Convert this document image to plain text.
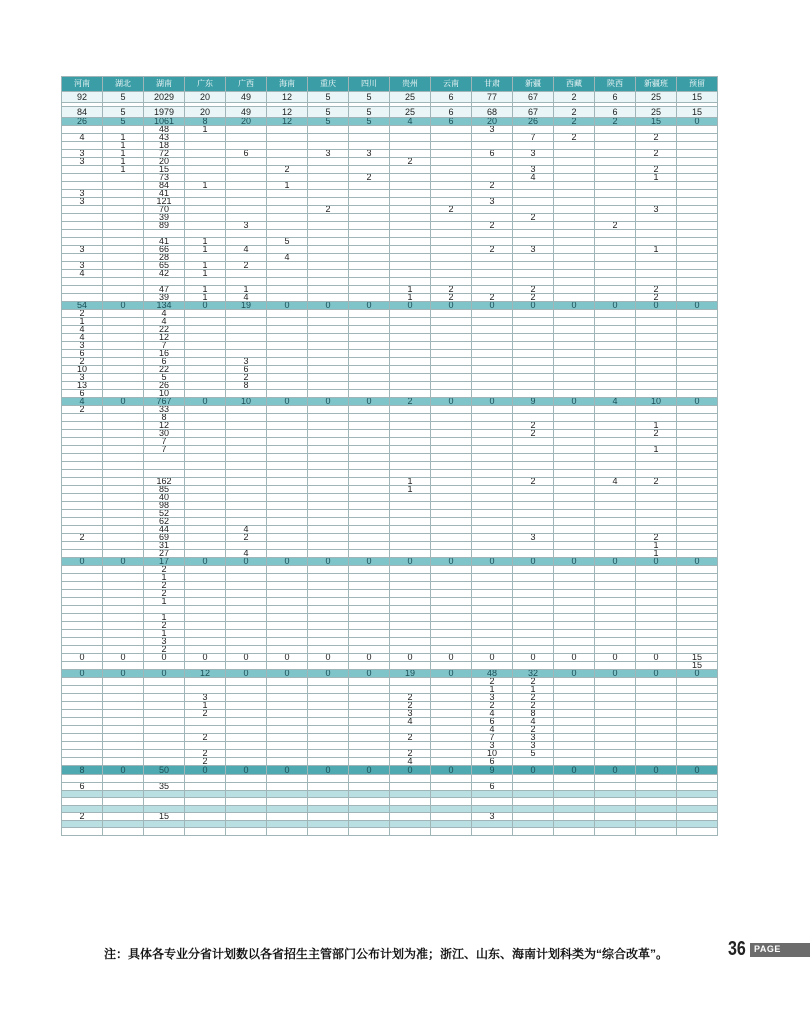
河南	湖北	湖南	广东	广西	海南	重庆	四川	贵州	云南	甘肃	新疆	西藏	陕西	新疆班	预留
92	5	2029	20	49	12	5	5	25	6	77	67	2	6	25	15

84	5	1979	20	49	12	5	5	25	6	68	67	2	6	25	15
26	5	1061	8	20	12	5	5	4	6	20	26	2	2	15	0
		48	1							3					
4	1	43									7	2		2	
	1	18													
3	1	72		6		3	3			6	3			2	
3	1	20						2							
	1	15			2						3			2	
		73					2				4			1	
		84	1		1					2					
3		41													
3		121								3					
		70				2			2					3	
		39									2				
		89		3						2			2		

		41	1		5										
3		66	1	4						2	3			1	
		28			4										
3		65	1	2											
4		42	1												

		47	1	1				1	2		2			2	
		39	1	4				1	2	2	2			2	
54	0	134	0	19	0	0	0	0	0	0	0	0	0	0	0
2		4													
1		4													
4		22													
4		12													
3		7													
6		16													
2		6		3											
10		22		6											
3		5		2											
13		26		8											
6		10													
4	0	767	0	10	0	0	0	2	0	0	9	0	4	10	0
2		33													
		8													
		12									2			1	
		30									2			2	
		7													
		7												1	

		162						1			2		4	2	
		85						1							
		40													
		98													
		52													
		62													
		44		4											
2		69		2							3			2	
		31												1	
		27		4										1	
0	0	17	0	0	0	0	0	0	0	0	0	0	0	0	0
		2													
		1													
		2													
		2													
		1													

		1													
		2													
		1													
		3													
		2													
0	0	0	0	0	0	0	0	0	0	0	0	0	0	0	15
															15
0	0	0	12	0	0	0	0	19	0	48	32	0	0	0	0
										2	2				
										1	1				
			3					2		3	2				
			1					2		2	2				
			2					3		4	8				
								4		6	4				
										4	2				
			2					2		7	3				
										3	3				
			2					2		10	5				
			2					4		6					
8	0	50	0	0	0	0	0	0	0	9	0	0	0	0	0

6		35								6					

2		15								3					

注：具体各专业分省计划数以各省招生主管部门公布计划为准；浙江、山东、海南计划科类为“综合改革”。	36 PAGE
